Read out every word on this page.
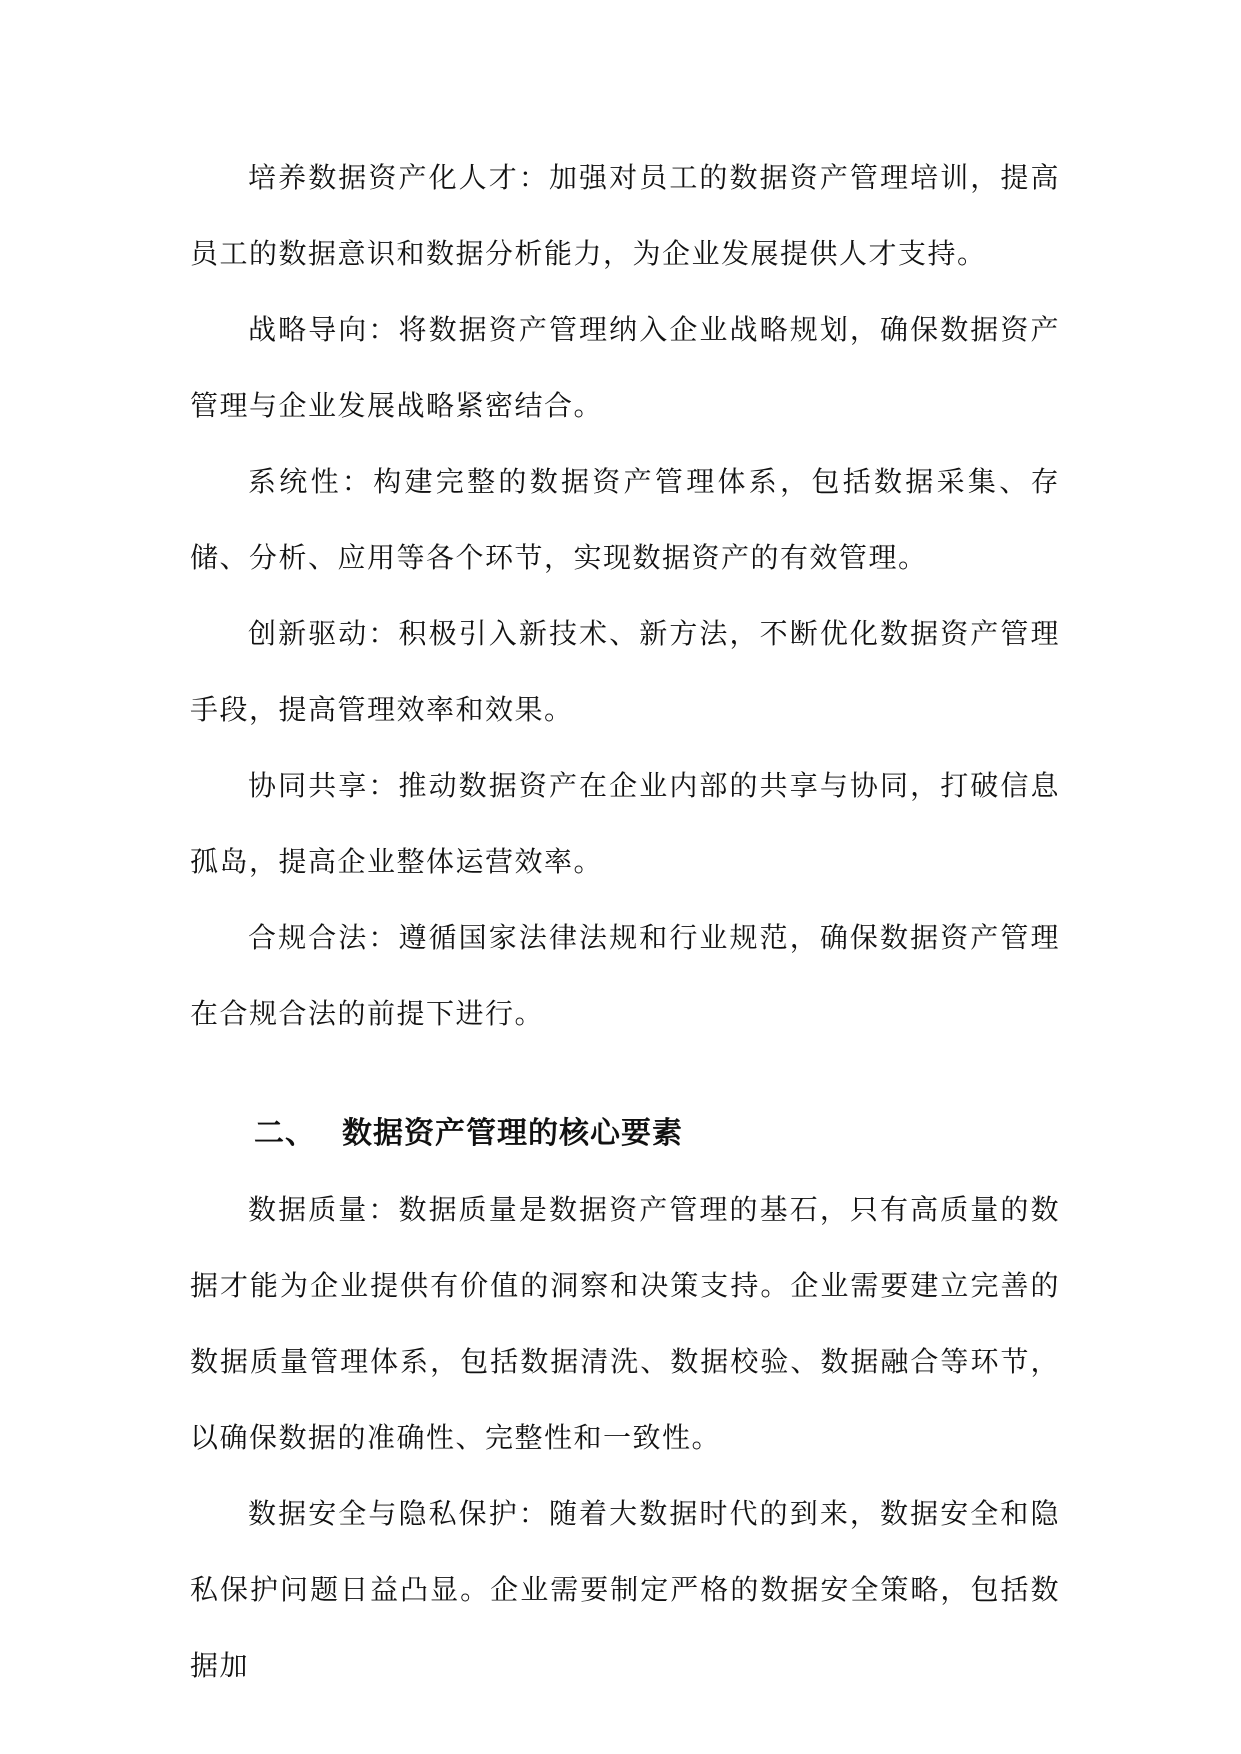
培养数据资产化人才：加强对员工的数据资产管理培训，提高员工的数据意识和数据分析能力，为企业发展提供人才支持。

战略导向：将数据资产管理纳入企业战略规划，确保数据资产管理与企业发展战略紧密结合。

系统性：构建完整的数据资产管理体系，包括数据采集、存储、分析、应用等各个环节，实现数据资产的有效管理。

创新驱动：积极引入新技术、新方法，不断优化数据资产管理手段，提高管理效率和效果。

协同共享：推动数据资产在企业内部的共享与协同，打破信息孤岛，提高企业整体运营效率。

合规合法：遵循国家法律法规和行业规范，确保数据资产管理在合规合法的前提下进行。

二、 数据资产管理的核心要素

数据质量：数据质量是数据资产管理的基石，只有高质量的数据才能为企业提供有价值的洞察和决策支持。企业需要建立完善的数据质量管理体系，包括数据清洗、数据校验、数据融合等环节，以确保数据的准确性、完整性和一致性。

数据安全与隐私保护：随着大数据时代的到来，数据安全和隐私保护问题日益凸显。企业需要制定严格的数据安全策略，包括数据加
